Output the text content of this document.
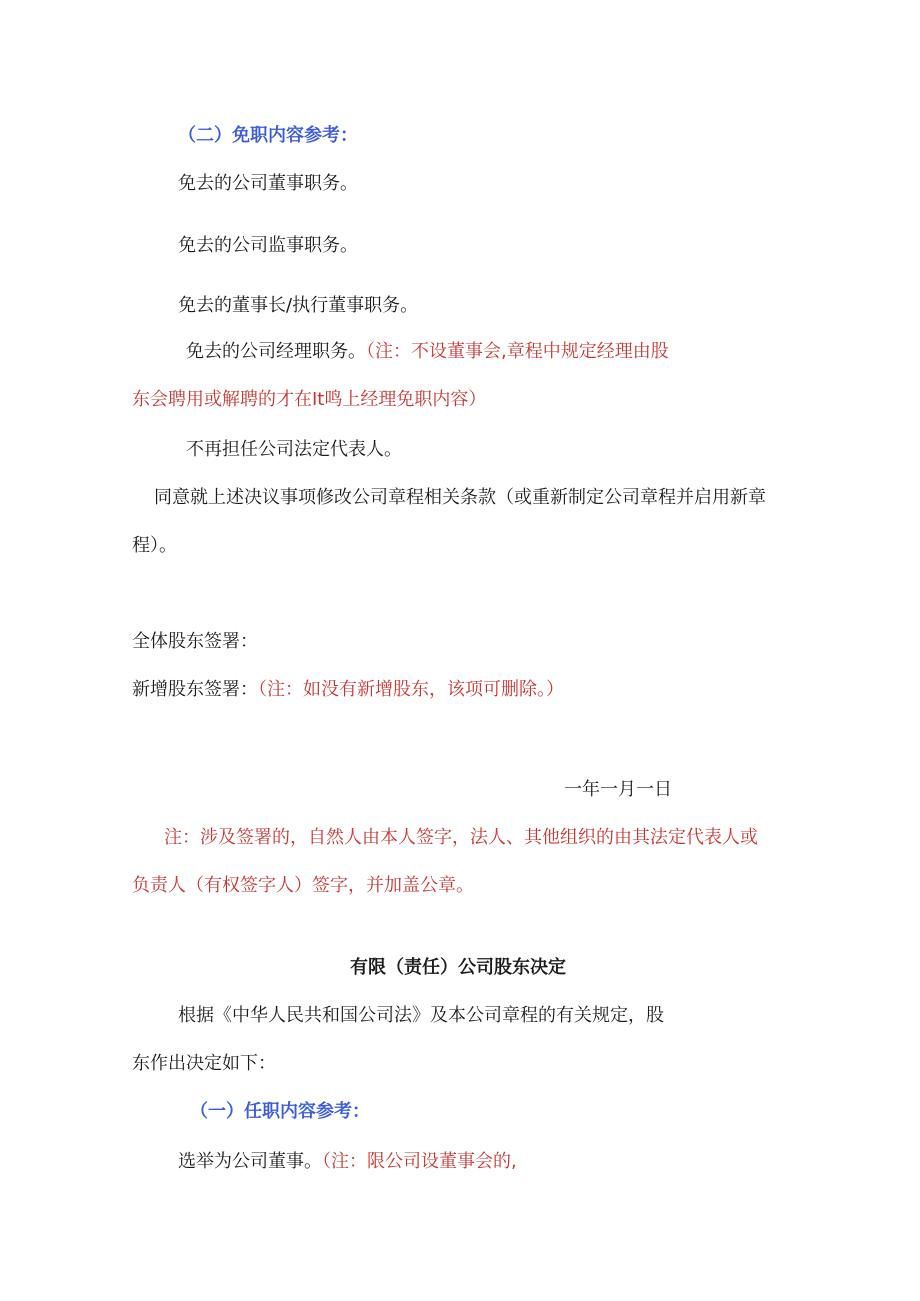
（二）免职内容参考：
免去的公司董事职务。
免去的公司监事职务。
免去的董事长/执行董事职务。
免去的公司经理职务。（注：不设董事会,章程中规定经理由股
东会聘用或解聘的才在It鸣上经理免职内容）
不再担任公司法定代表人。
同意就上述决议事项修改公司章程相关条款（或重新制定公司章程并启用新章
程）。
全体股东签署：
新增股东签署：（注：如没有新增股东，该项可删除。）
一年一月一日
注：涉及签署的，自然人由本人签字，法人、其他组织的由其法定代表人或
负责人（有权签字人）签字，并加盖公章。
有限（责任）公司股东决定
根据《中华人民共和国公司法》及本公司章程的有关规定，股
东作出决定如下：
（一）任职内容参考：
选举为公司董事。（注：限公司设董事会的,
